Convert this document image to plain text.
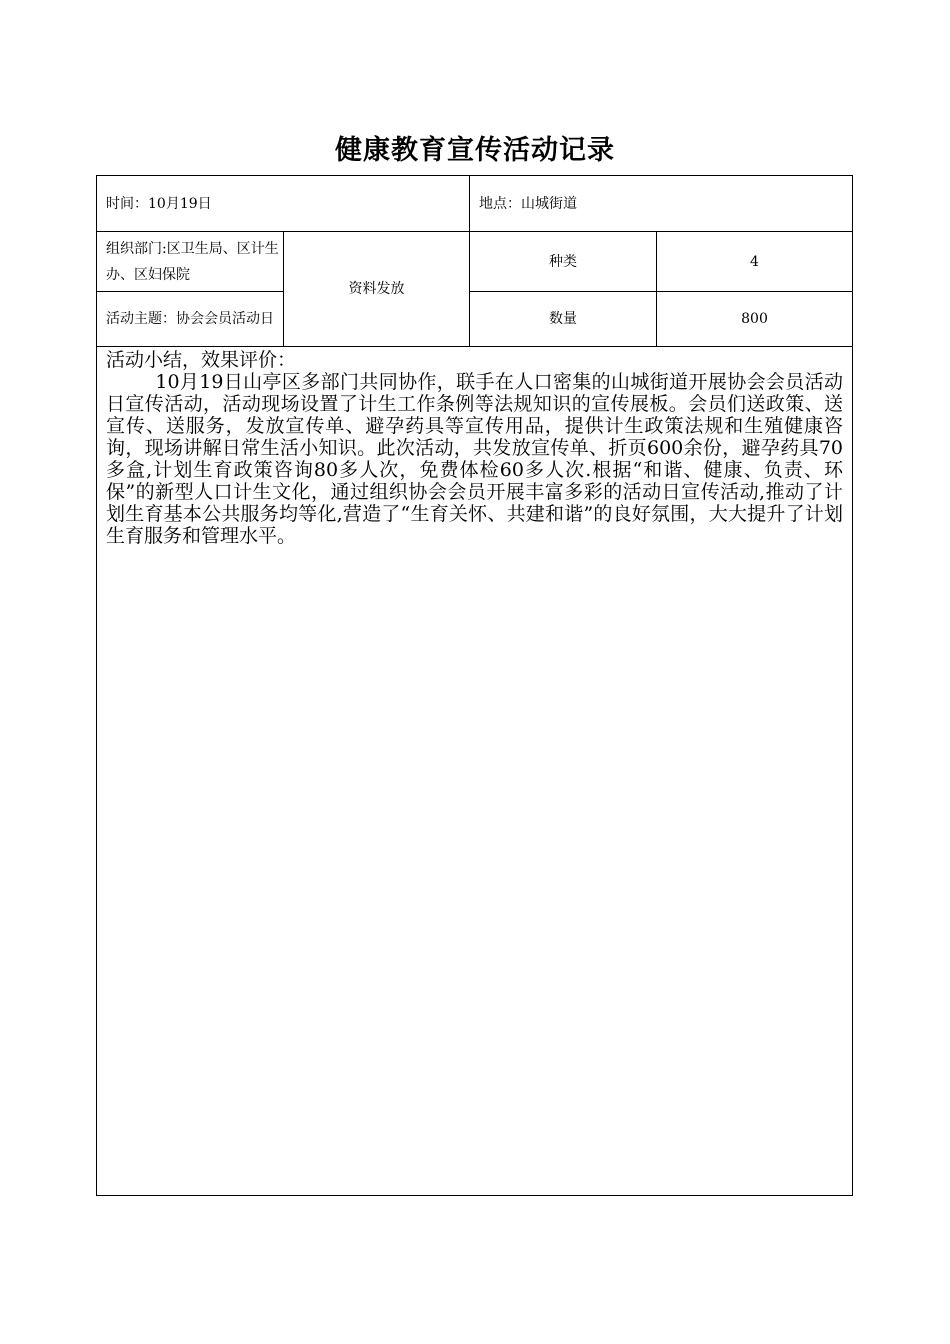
健康教育宣传活动记录
时间：10月19日		地点：山城街道	
组织部门:区卫生局、区计生办、区妇保院	资料发放	种类	4
活动主题：协会会员活动日		数量	800

活动小结，效果评价：

10月19日山亭区多部门共同协作，联手在人口密集的山城街道开展协会会员活动日宣传活动，活动现场设置了计生工作条例等法规知识的宣传展板。会员们送政策、送宣传、送服务，发放宣传单、避孕药具等宣传用品，提供计生政策法规和生殖健康咨询，现场讲解日常生活小知识。此次活动，共发放宣传单、折页600余份，避孕药具70多盒,计划生育政策咨询80多人次，免费体检60多人次.根据“和谐、健康、负责、环保”的新型人口计生文化，通过组织协会会员开展丰富多彩的活动日宣传活动,推动了计划生育基本公共服务均等化,营造了“生育关怀、共建和谐”的良好氛围，大大提升了计划生育服务和管理水平。			
